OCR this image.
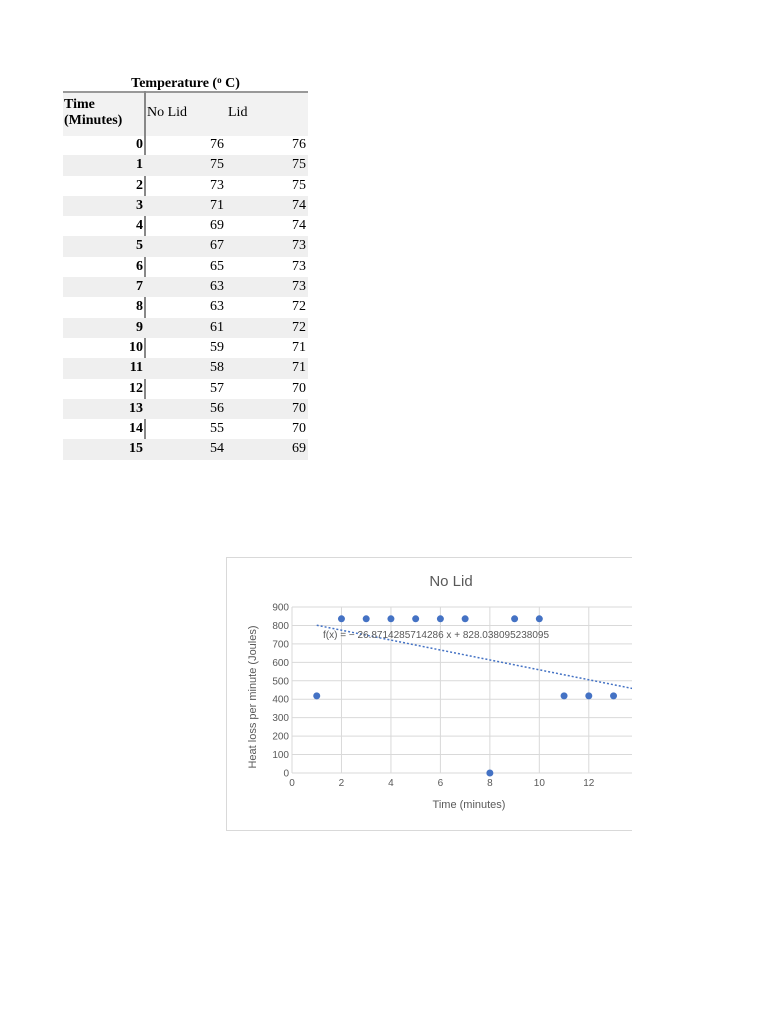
Temperature ($^o$ C)
Time (Minutes)
No Lid	Lid
0	76	76
1	75	75
2	73	75
3	71	74
4	69	74
5	67	73
6	65	73
7	63	73
8	63	72
9	61	72
10	59	71
11	58	71
12	57	70
13	56	70
14	55	70
15	54	69
0
100
200
300
400
500
600
700
800
900
0	2	4	6	8	10	12	14
No Lid
f(x) = − 26.8714285714286 x + 828.038095238095
Time (minutes)
Heat loss per minute (Joules)
